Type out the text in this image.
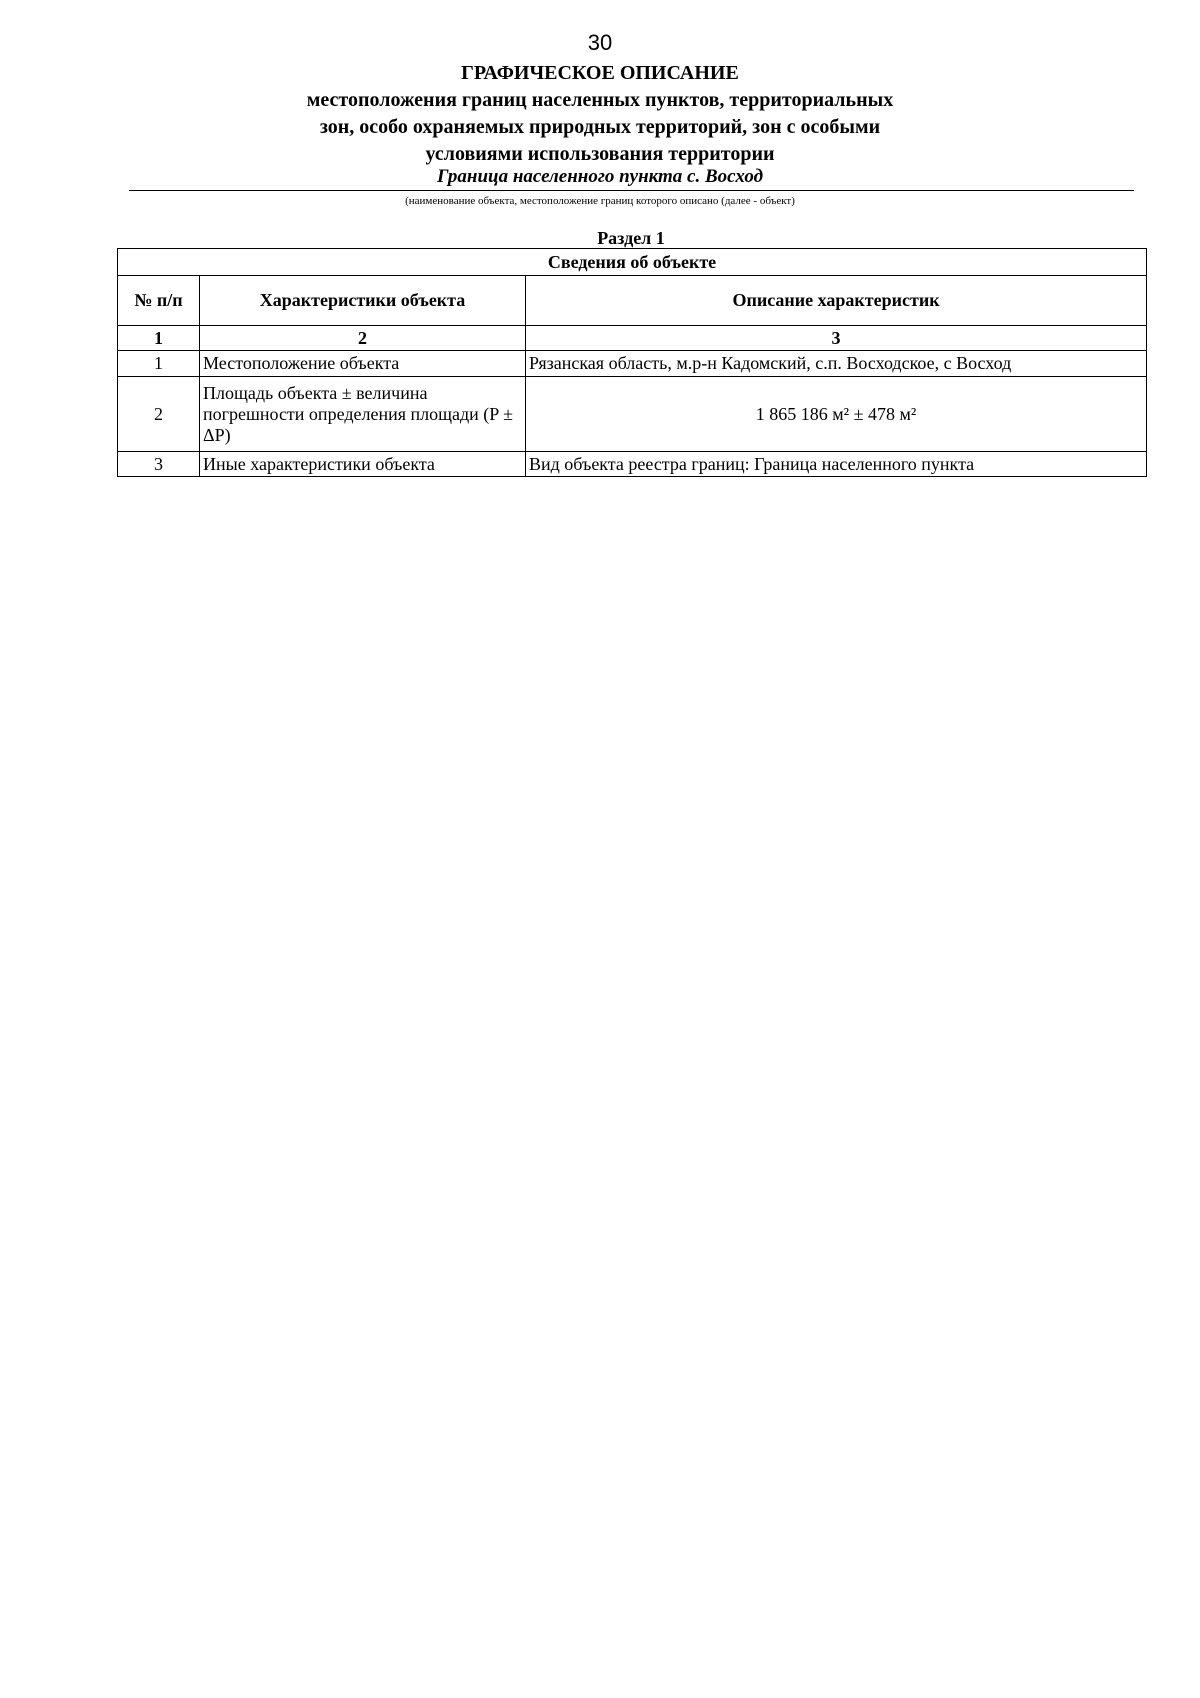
30
ГРАФИЧЕСКОЕ ОПИСАНИЕ
местоположения границ населенных пунктов, территориальных
зон, особо охраняемых природных территорий, зон с особыми
условиями использования территории
Граница населенного пункта с. Восход
(наименование объекта, местоположение границ которого описано (далее - объект)
Раздел 1
Сведения об объекте		
№ п/п	Характеристики объекта	Описание характеристик
1	2	3
1	Местоположение объекта	Рязанская область, м.р-н Кадомский, с.п. Восходское, с Восход
2	Площадь объекта ± величина погрешности определения площади (P ± ΔP)	1 865 186 м² ± 478 м²
3	Иные характеристики объекта	Вид объекта реестра границ: Граница населенного пункта
